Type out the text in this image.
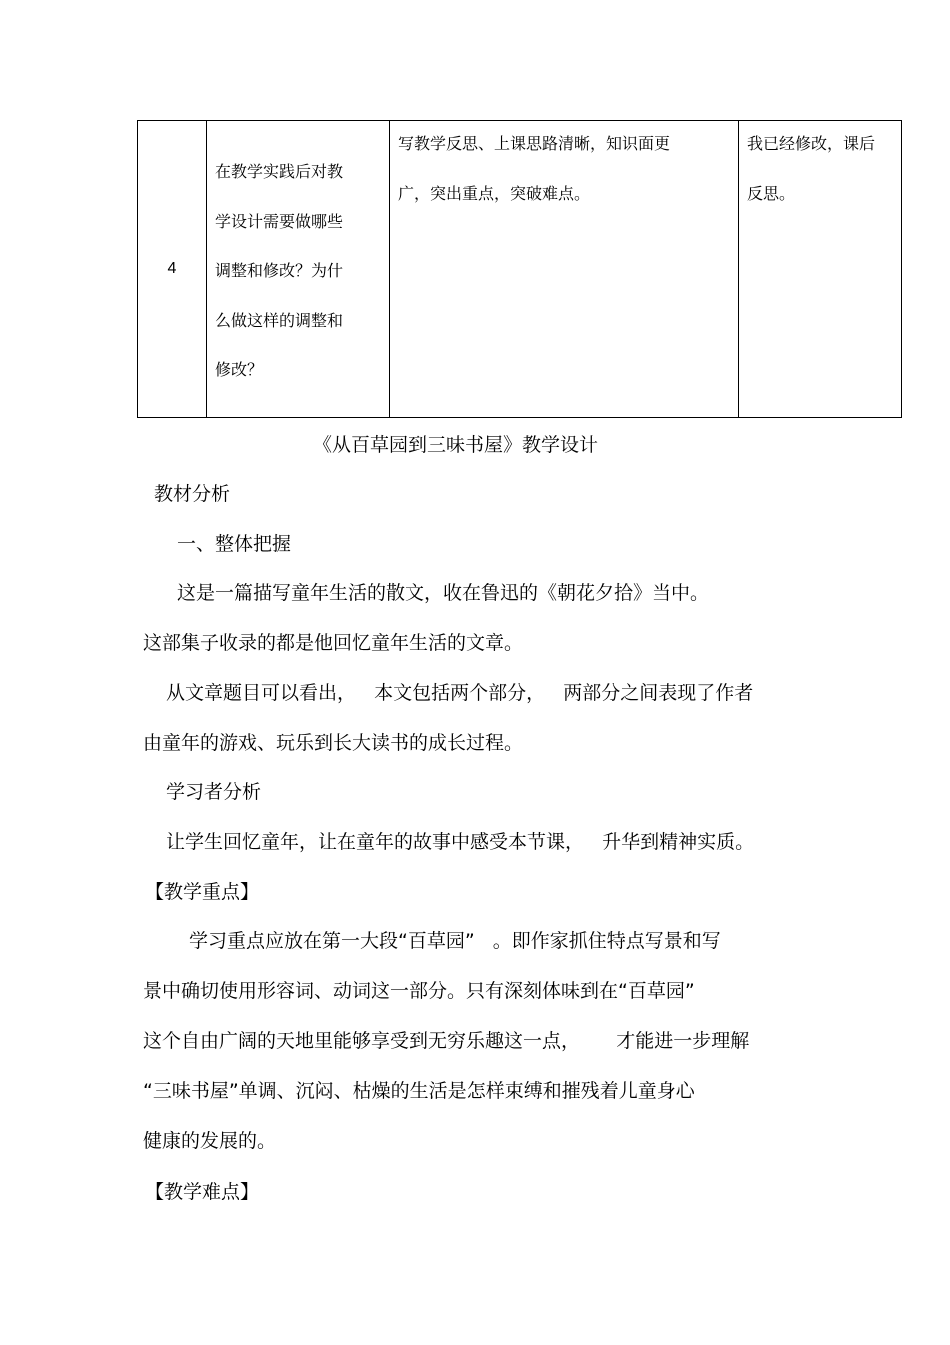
4	
在教学实践后对教
学设计需要做哪些
调整和修改？为什
么做这样的调整和
修改？

写教学反思、上课思路清晰，知识面更
广，突出重点，突破难点。

我已经修改，课后
反思。
《从百草园到三味书屋》教学设计
教材分析
一、整体把握
这是一篇描写童年生活的散文，收在鲁迅的《朝花夕拾》当中。
这部集子收录的都是他回忆童年生活的文章。
从文章题目可以看出，   本文包括两个部分，   两部分之间表现了作者
由童年的游戏、玩乐到长大读书的成长过程。
学习者分析
让学生回忆童年，让在童年的故事中感受本节课，   升华到精神实质。
【教学重点】
学习重点应放在第一大段“百草园”   。即作家抓住特点写景和写
景中确切使用形容词、动词这一部分。只有深刻体味到在“百草园”
这个自由广阔的天地里能够享受到无穷乐趣这一点，      才能进一步理解
“三味书屋”单调、沉闷、枯燥的生活是怎样束缚和摧残着儿童身心
健康的发展的。
【教学难点】
